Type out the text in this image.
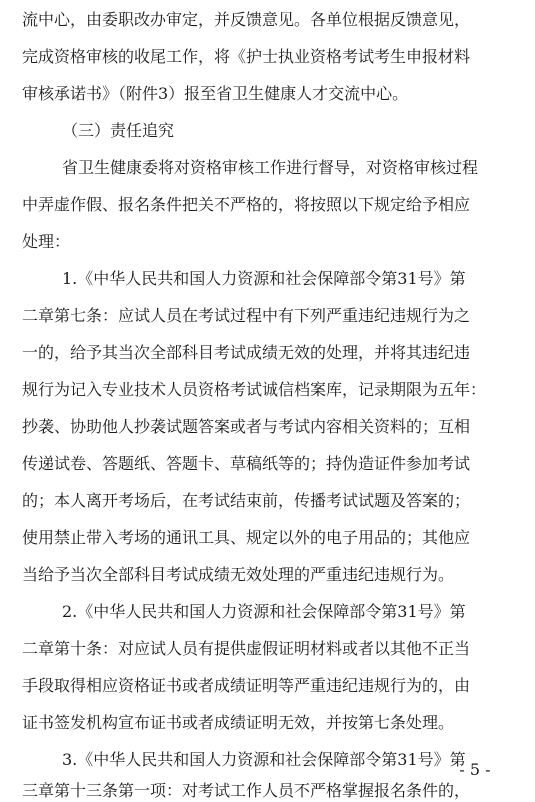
流中心，由委职改办审定，并反馈意见。各单位根据反馈意见，
完成资格审核的收尾工作，将《护士执业资格考试考生申报材料
审核承诺书》（附件3）报至省卫生健康人才交流中心。
（三）责任追究
省卫生健康委将对资格审核工作进行督导，对资格审核过程
中弄虚作假、报名条件把关不严格的，将按照以下规定给予相应
处理：
1.《中华人民共和国人力资源和社会保障部令第31号》第
二章第七条：应试人员在考试过程中有下列严重违纪违规行为之
一的，给予其当次全部科目考试成绩无效的处理，并将其违纪违
规行为记入专业技术人员资格考试诚信档案库，记录期限为五年：
抄袭、协助他人抄袭试题答案或者与考试内容相关资料的；互相
传递试卷、答题纸、答题卡、草稿纸等的；持伪造证件参加考试
的；本人离开考场后，在考试结束前，传播考试试题及答案的；
使用禁止带入考场的通讯工具、规定以外的电子用品的；其他应
当给予当次全部科目考试成绩无效处理的严重违纪违规行为。
2.《中华人民共和国人力资源和社会保障部令第31号》第
二章第十条：对应试人员有提供虚假证明材料或者以其他不正当
手段取得相应资格证书或者成绩证明等严重违纪违规行为的，由
证书签发机构宣布证书或者成绩证明无效，并按第七条处理。
3.《中华人民共和国人力资源和社会保障部令第31号》第
三章第十三条第一项：对考试工作人员不严格掌握报名条件的，
- 5 -
